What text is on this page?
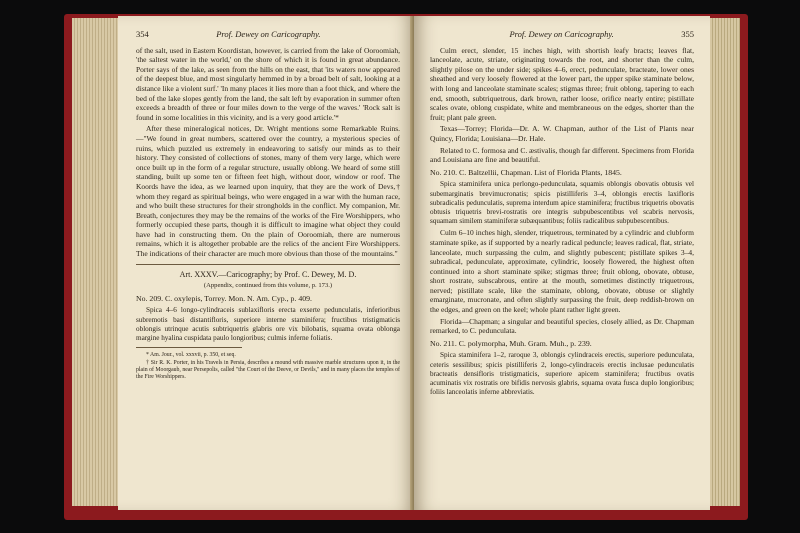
354	Prof. Dewey on Caricography.

of the salt, used in Eastern Koordistan, however, is carried from the lake of Ooroomiah, 'the saltest water in the world,' on the shore of which it is found in great abundance. Porter says of the lake, as seen from the hills on the east, that 'its waters now appeared of the deepest blue, and most singularly hemmed in by a broad belt of salt, looking at a distance like a violent surf.' 'In many places it lies more than a foot thick, and where the bed of the lake slopes gently from the land, the salt left by evaporation in summer often exceeds a breadth of three or four miles down to the verge of the waves.' 'Rock salt is found in some localities in this vicinity, and is a very good article.'*

After these mineralogical notices, Dr. Wright mentions some Remarkable Ruins.—"We found in great numbers, scattered over the country, a mysterious species of ruins, which puzzled us extremely in endeavoring to satisfy our minds as to their history. They consisted of collections of stones, many of them very large, which were once built up in the form of a regular structure, usually oblong. We heard of some still standing, built up some ten or fifteen feet high, without door, window or roof. The Koords have the idea, as we learned upon inquiry, that they are the work of Devs,† whom they regard as spiritual beings, who were engaged in a war with the human race, and who built these structures for their strongholds in the conflict. My companion, Mr. Breath, conjectures they may be the remains of the works of the Fire Worshippers, who formerly occupied these parts, though it is difficult to imagine what object they could have had in constructing them. On the plain of Ooroomiah, there are numerous remains, which it is altogether probable are the relics of the ancient Fire Worshippers. The indications of their character are much more obvious than those of the mountains."

Art. XXXV.—Caricography; by Prof. C. Dewey, M. D.

(Appendix, continued from this volume, p. 173.)

No. 209. C. oxylepis, Torrey. Mon. N. Am. Cyp., p. 409.

Spica 4–6 longo-cylindraceis sublaxifloris erecta exserte pedunculatis, inferioribus subremotis basi distantifloris, superiore interne staminifera; fructibus tristigmaticis oblongis utrinque acutis subtriquetris glabris ore vix bilobatis, squama ovata oblonga margine hyalina cuspidata paulo longioribus; culmis inferne foliatis.

* Am. Jour., vol. xxxvii, p. 350, et seq.

† Sir R. K. Porter, in his Travels in Persia, describes a mound with massive marble structures upon it, in the plain of Moorgaub, near Persepolis, called "the Court of the Deeve, or Devils," and in many places the temples of the Fire Worshippers.

Prof. Dewey on Caricography.	355

Culm erect, slender, 15 inches high, with shortish leafy bracts; leaves flat, lanceolate, acute, striate, originating towards the root, and shorter than the culm, slightly pilose on the under side; spikes 4–6, erect, pedunculate, bracteate, lower ones sheathed and very loosely flowered at the lower part, the upper spike staminate below, with long and lanceolate staminate scales; stigmas three; fruit oblong, tapering to each end, smooth, subtriquetrous, dark brown, rather loose, orifice nearly entire; pistillate scales ovate, oblong cuspidate, white and membraneous on the edges, shorter than the fruit; plant pale green.

Texas—Torrey; Florida—Dr. A. W. Chapman, author of the List of Plants near Quincy, Florida; Louisiana—Dr. Hale.

Related to C. formosa and C. æstivalis, though far different. Specimens from Florida and Louisiana are fine and beautiful.

No. 210. C. Baltzellii, Chapman. List of Florida Plants, 1845.

Spica staminifera unica perlongo-pedunculata, squamis oblongis obovatis obtusis vel subemarginatis brevimucronatis; spicis pistilliferis 3–4, oblongis erectis laxifloris subradicalis pedunculatis, suprema interdum apice staminifera; fructibus triquetris obovatis obtusis triquetris brevi-rostratis ore integris subpubescentibus vel scabris nervosis, squamam similem staminiferæ subæquantibus; foliis radicalibus subpubescentibus.

Culm 6–10 inches high, slender, triquetrous, terminated by a cylindric and clubform staminate spike, as if supported by a nearly radical peduncle; leaves radical, flat, striate, lanceolate, much surpassing the culm, and slightly pubescent; pistillate spikes 3–4, subradical, pedunculate, approximate, cylindric, loosely flowered, the highest often continued into a short staminate spike; stigmas three; fruit oblong, obovate, obtuse, short rostrate, subscabrous, entire at the mouth, sometimes distinctly triquetrous, nerved; pistillate scale, like the staminate, oblong, obovate, obtuse or slightly emarginate, mucronate, and often slightly surpassing the fruit, deep reddish-brown on the edges, and green on the keel; whole plant rather light green.

Florida—Chapman; a singular and beautiful species, closely allied, as Dr. Chapman remarked, to C. pedunculata.

No. 211. C. polymorpha, Muh. Gram. Muh., p. 239.

Spica staminifera 1–2, raroque 3, oblongis cylindraceis erectis, superiore pedunculata, ceteris sessilibus; spicis pistilliferis 2, longo-cylindraceis erectis inclusae pedunculatis bracteatis densifloris tristigmaticis, superiore apicem staminifera; fructibus ovatis acuminatis vix rostratis ore bifidis nervosis glabris, squama ovata fusca duplo longioribus; foliis lanceolatis inferne abbreviatis.
